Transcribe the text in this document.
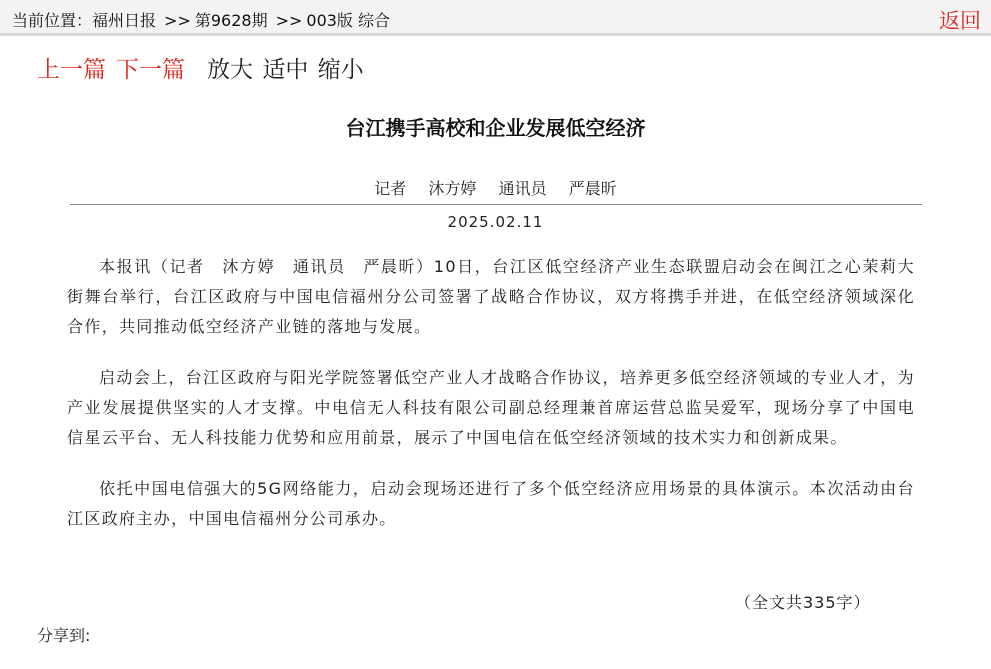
当前位置：福州日报 >> 第9628期 >> 003版 综合	返回
上一篇 下一篇 放大 适中 缩小
台江携手高校和企业发展低空经济
记者  沐方婷  通讯员  严晨昕
2025.02.11

本报讯（记者　沐方婷　通讯员　严晨昕）10日，台江区低空经济产业生态联盟启动会在闽江之心茉莉大街舞台举行，台江区政府与中国电信福州分公司签署了战略合作协议，双方将携手并进，在低空经济领域深化合作，共同推动低空经济产业链的落地与发展。

启动会上，台江区政府与阳光学院签署低空产业人才战略合作协议，培养更多低空经济领域的专业人才，为产业发展提供坚实的人才支撑。中电信无人科技有限公司副总经理兼首席运营总监吴爱军，现场分享了中国电信星云平台、无人科技能力优势和应用前景，展示了中国电信在低空经济领域的技术实力和创新成果。

依托中国电信强大的5G网络能力，启动会现场还进行了多个低空经济应用场景的具体演示。本次活动由台江区政府主办，中国电信福州分公司承办。

（全文共335字）
分享到:
